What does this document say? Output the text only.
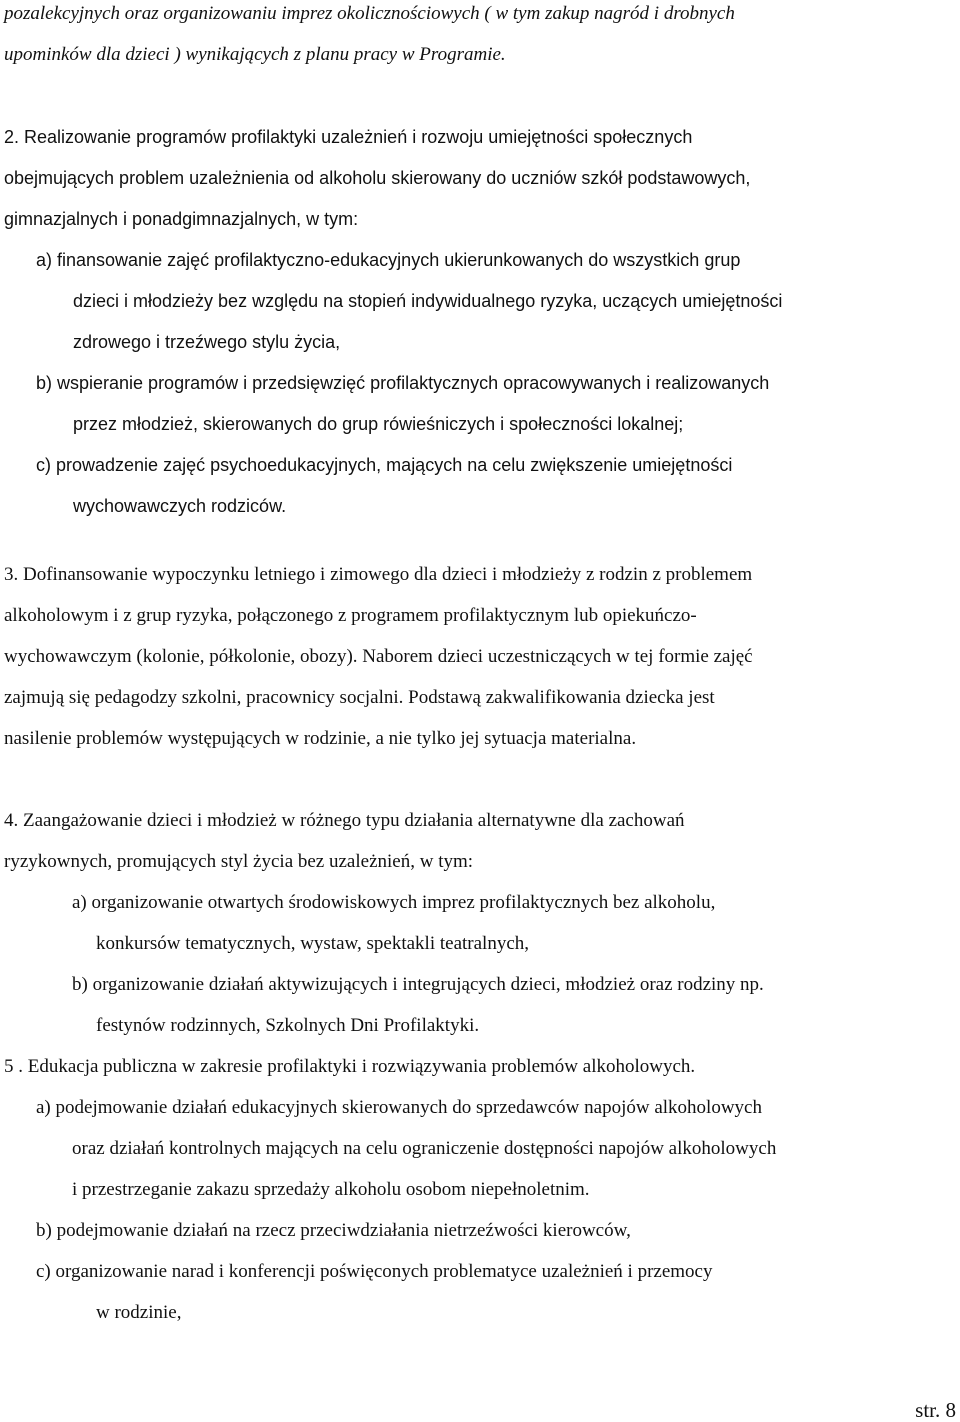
pozalekcyjnych oraz organizowaniu imprez okolicznościowych ( w tym zakup nagród i drobnych
upominków dla dzieci ) wynikających z planu pracy w Programie.
2. Realizowanie programów profilaktyki uzależnień i rozwoju umiejętności społecznych
obejmujących problem uzależnienia od alkoholu skierowany do uczniów szkół podstawowych,
gimnazjalnych i ponadgimnazjalnych, w tym:
a) finansowanie zajęć profilaktyczno-edukacyjnych ukierunkowanych do wszystkich grup
dzieci i młodzieży bez względu na stopień indywidualnego ryzyka, uczących umiejętności
zdrowego i trzeźwego stylu życia,
b) wspieranie programów i przedsięwzięć profilaktycznych opracowywanych i realizowanych
przez młodzież, skierowanych do grup rówieśniczych i społeczności lokalnej;
c) prowadzenie zajęć psychoedukacyjnych, mających na celu zwiększenie umiejętności
wychowawczych rodziców.
3. Dofinansowanie wypoczynku letniego i zimowego dla dzieci i młodzieży z rodzin z problemem
alkoholowym i z grup ryzyka, połączonego z programem profilaktycznym lub opiekuńczo-
wychowawczym (kolonie, półkolonie, obozy). Naborem dzieci uczestniczących w tej formie zajęć
zajmują się pedagodzy szkolni, pracownicy socjalni. Podstawą zakwalifikowania dziecka jest
nasilenie problemów występujących w rodzinie, a nie tylko jej sytuacja materialna.
4. Zaangażowanie dzieci i młodzież w różnego typu działania alternatywne dla zachowań
ryzykownych, promujących styl życia bez uzależnień, w tym:
a) organizowanie otwartych środowiskowych imprez profilaktycznych bez alkoholu,
konkursów tematycznych, wystaw, spektakli teatralnych,
b) organizowanie działań aktywizujących i integrujących dzieci, młodzież oraz rodziny np.
festynów rodzinnych, Szkolnych Dni Profilaktyki.
5 . Edukacja publiczna w zakresie profilaktyki i rozwiązywania problemów alkoholowych.
a) podejmowanie działań edukacyjnych skierowanych do sprzedawców napojów alkoholowych
oraz działań kontrolnych mających na celu ograniczenie dostępności napojów alkoholowych
i przestrzeganie zakazu sprzedaży alkoholu osobom niepełnoletnim.
b) podejmowanie działań na rzecz przeciwdziałania nietrzeźwości kierowców,
c) organizowanie narad i konferencji poświęconych problematyce uzależnień i przemocy
w rodzinie,
str. 8
